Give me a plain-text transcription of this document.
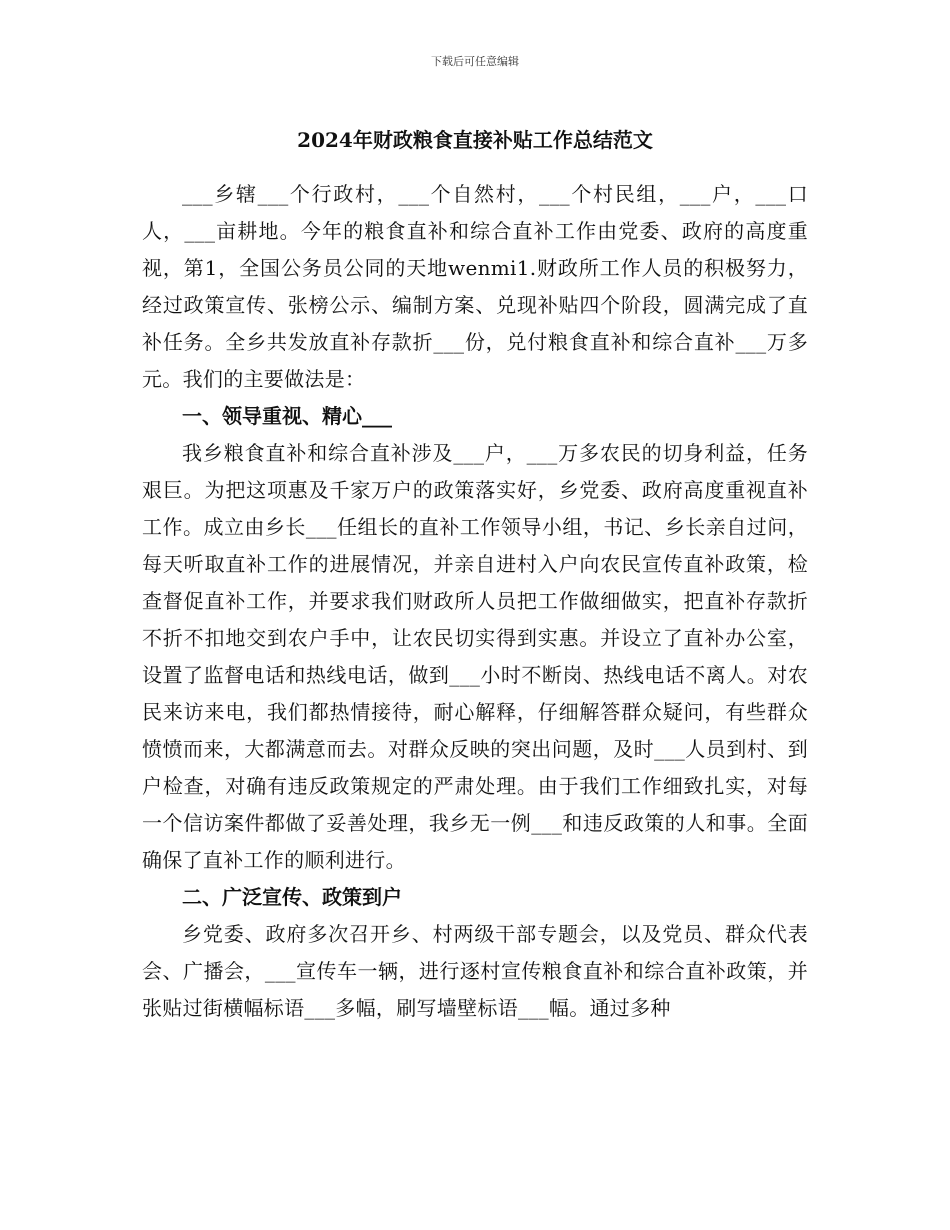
下载后可任意编辑
2024年财政粮食直接补贴工作总结范文

___乡辖___个行政村，___个自然村，___个村民组，___户，___口人，___亩耕地。今年的粮食直补和综合直补工作由党委、政府的高度重视，第1，全国公务员公同的天地wenmi1.财政所工作人员的积极努力，经过政策宣传、张榜公示、编制方案、兑现补贴四个阶段，圆满完成了直补任务。全乡共发放直补存款折___份，兑付粮食直补和综合直补___万多元。我们的主要做法是：

一、领导重视、精心___

我乡粮食直补和综合直补涉及___户，___万多农民的切身利益，任务艰巨。为把这项惠及千家万户的政策落实好，乡党委、政府高度重视直补工作。成立由乡长___任组长的直补工作领导小组，书记、乡长亲自过问，每天听取直补工作的进展情况，并亲自进村入户向农民宣传直补政策，检查督促直补工作，并要求我们财政所人员把工作做细做实，把直补存款折不折不扣地交到农户手中，让农民切实得到实惠。并设立了直补办公室，设置了监督电话和热线电话，做到___小时不断岗、热线电话不离人。对农民来访来电，我们都热情接待，耐心解释，仔细解答群众疑问，有些群众愤愤而来，大都满意而去。对群众反映的突出问题，及时___人员到村、到户检查，对确有违反政策规定的严肃处理。由于我们工作细致扎实，对每一个信访案件都做了妥善处理，我乡无一例___和违反政策的人和事。全面确保了直补工作的顺利进行。

二、广泛宣传、政策到户

乡党委、政府多次召开乡、村两级干部专题会，以及党员、群众代表会、广播会，___宣传车一辆，进行逐村宣传粮食直补和综合直补政策，并张贴过街横幅标语___多幅，刷写墙壁标语___幅。通过多种
